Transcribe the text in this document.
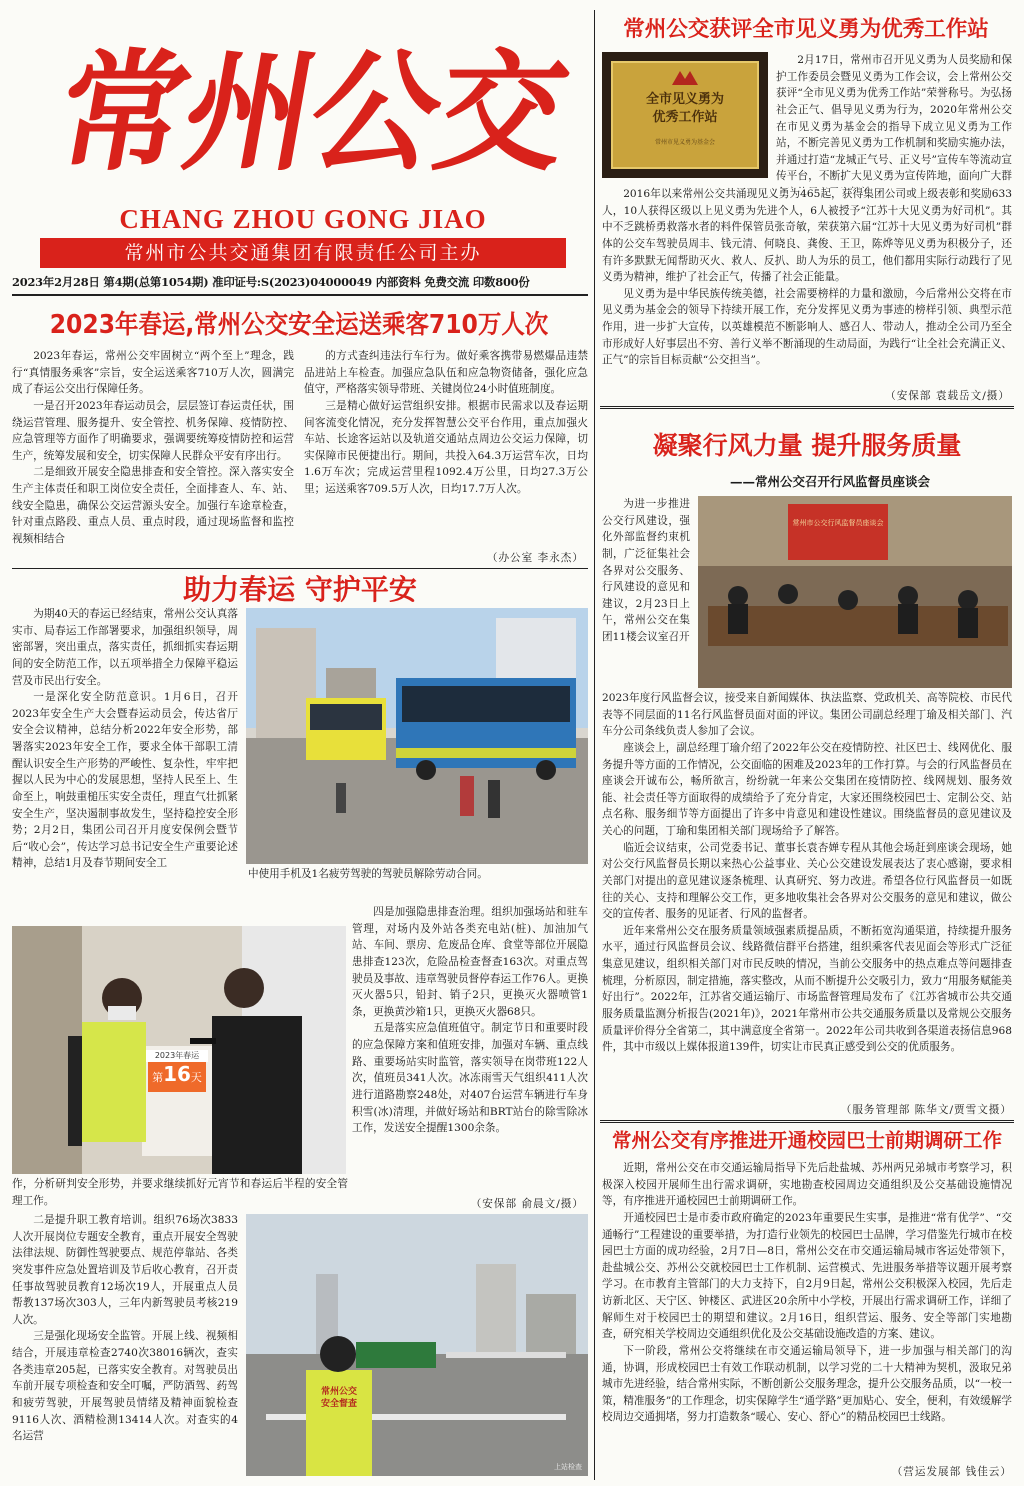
常州公交
CHANG ZHOU GONG JIAO
常州市公共交通集团有限责任公司主办
2023年2月28日 第4期(总第1054期) 准印证号:S(2023)04000049 内部资料 免费交流 印数800份
2023年春运,常州公交安全运送乘客710万人次

2023年春运，常州公交牢固树立“两个至上”理念，践行“真情服务乘客”宗旨，安全运送乘客710万人次，圆满完成了春运公交出行保障任务。

一是召开2023年春运动员会，层层签订春运责任状，围绕运营管理、服务提升、安全管控、机务保障、疫情防控、应急管理等方面作了明确要求，强调要统筹疫情防控和运营生产，统筹发展和安全，切实保障人民群众平安有序出行。

二是细致开展安全隐患排查和安全管控。深入落实安全生产主体责任和职工岗位安全责任，全面排查人、车、站、线安全隐患，确保公交运营源头安全。加强行车途章检查，针对重点路段、重点人员、重点时段，通过现场监督和监控视频相结合

的方式查纠违法行车行为。做好乘客携带易燃爆品违禁品进站上车检查。加强应急队伍和应急物资储备，强化应急值守，严格落实领导带班、关键岗位24小时值班制度。

三是精心做好运营组织安排。根据市民需求以及春运期间客流变化情况，充分发挥智慧公交平台作用，重点加强火车站、长途客运站以及轨道交通站点周边公交运力保障，切实保障市民便捷出行。期间，共投入64.3万运营车次，日均1.6万车次；完成运营里程1092.4万公里，日均27.3万公里；运送乘客709.5万人次，日均17.7万人次。

（办公室 李永杰）
助力春运 守护平安

为期40天的春运已经结束，常州公交认真落实市、局春运工作部署要求，加强组织领导，周密部署，突出重点，落实责任，抓细抓实春运期间的安全防范工作，以五项举措全力保障平稳运营及市民出行安全。

一是深化安全防范意识。1月6日，召开2023年安全生产大会暨春运动员会，传达省厅安全会议精神，总结分析2022年安全形势，部署落实2023年安全工作，要求全体干部职工清醒认识安全生产形势的严峻性、复杂性，牢牢把握以人民为中心的发展思想，坚持人民至上、生命至上，响鼓重槌压实安全责任，理直气壮抓紧安全生产，坚决遏制事故发生，坚持稳控安全形势；2月2日，集团公司召开月度安保例会暨节后“收心会”，传达学习总书记安全生产重要论述精神，总结1月及春节期间安全工

中使用手机及1名疲劳驾驶的驾驶员解除劳动合同。

2023年春运
第16天

四是加强隐患排查治理。组织加强场站和驻车管理，对场内及外站各类充电站(桩)、加油加气站、车间、票房、危废品仓库、食堂等部位开展隐患排查123次，危险品检查督查163次。对重点驾驶员及事故、违章驾驶员督停春运工作76人。更换灭火器5只，铅封、销子2只，更换灭火器喷管1条，更换黄沙箱1只，更换灭火器68只。

五是落实应急值班值守。制定节日和重要时段的应急保障方案和值班安排，加强对车辆、重点线路、重要场站实时监管，落实领导在岗带班122人次，值班员341人次。冰冻雨雪天气组织411人次进行道路勘察248处，对407台运营车辆进行车身积雪(冰)清理，并做好场站和BRT站台的除雪除冰工作，发送安全提醒1300余条。

作，分析研判安全形势，并要求继续抓好元宵节和春运后半程的安全管理工作。	（安保部 俞晨文/摄）

二是提升职工教育培训。组织76场次3833人次开展岗位专题安全教育，重点开展安全驾驶法律法规、防御性驾驶要点、规范停靠站、各类突发事件应急处置培训及节后收心教育，召开责任事故驾驶员教育12场次19人，开展重点人员帮教137场次303人，三年内新驾驶员考核219人次。

三是强化现场安全监管。开展上线、视频相结合，开展违章检查2740次38016辆次，查实各类违章205起，已落实安全教育。对驾驶员出车前开展专项检查和安全叮嘱，严防酒驾、药驾和疲劳驾驶，开展驾驶员情绪及精神面貌检查9116人次、酒精检测13414人次。对查实的4名运营

常州公交
安全督查
上站检查
常州公交获评全市见义勇为优秀工作站
全市见义勇为
优秀工作站
常州市见义勇为基金会

2月17日，常州市召开见义勇为人员奖励和保护工作委员会暨见义勇为工作会议，会上常州公交获评“全市见义勇为优秀工作站”荣誉称号。为弘扬社会正气、倡导见义勇为行为，2020年常州公交在市见义勇为基金会的指导下成立见义勇为工作站，不断完善见义勇为工作机制和奖励实施办法，并通过打造“龙城正气号、正义号”宣传车等流动宣传平台，不断扩大见义勇为宣传阵地，面向广大群

2016年以来常州公交共涌现见义勇为465起，获得集团公司或上级表彰和奖励633人，10人获得区级以上见义勇为先进个人，6人被授予“江苏十大见义勇为好司机”。其中不乏跳桥勇救落水者的料件保管员张奇敏，荣获第六届“江苏十大见义勇为好司机”群体的公交车驾驶员周丰、钱元清、何晓良、龚俊、王卫，陈烨等见义勇为积极分子，还有许多默默无闻帮助灭火、救人、反扒、助人为乐的员工，他们都用实际行动践行了见义勇为精神，维护了社会正气，传播了社会正能量。

见义勇为是中华民族传统美德，社会需要榜样的力量和激励，今后常州公交将在市见义勇为基金会的领导下持续开展工作，充分发挥见义勇为事迹的榜样引领、典型示范作用，进一步扩大宣传，以英雄模范不断影响人、感召人、带动人，推动全公司乃至全市形成好人好事层出不穷、善行义举不断涌现的生动局面，为践行“让全社会充满正义、正气”的宗旨目标贡献“公交担当”。

（安保部 袁载岳文/摄）
凝聚行风力量 提升服务质量
——常州公交召开行风监督员座谈会

为进一步推进公交行风建设，强化外部监督约束机制，广泛征集社会各界对公交服务、行风建设的意见和建议，2月23日上午，常州公交在集团11楼会议室召开

常州市公交行风监督员座谈会

2023年度行风监督会议，接受来自新闻媒体、执法监察、党政机关、高等院校、市民代表等不同层面的11名行风监督员面对面的评议。集团公司副总经理丁瑜及相关部门、汽车分公司条线负责人参加了会议。

座谈会上，副总经理丁瑜介绍了2022年公交在疫情防控、社区巴士、线网优化、服务提升等方面的工作情况，公交面临的困难及2023年的工作打算。与会的行风监督员在座谈会开诚布公，畅所欲言，纷纷就一年来公交集团在疫情防控、线网规划、服务效能、社会责任等方面取得的成绩给予了充分肯定，大家还围绕校园巴士、定制公交、站点名称、服务细节等方面提出了许多中肯意见和建设性建议。围绕监督员的意见建议及关心的问题，丁瑜和集团相关部门现场给予了解答。

临近会议结束，公司党委书记、董事长袁杏婵专程从其他会场赶到座谈会现场，她对公交行风监督员长期以来热心公益事业、关心公交建设发展表达了衷心感谢，要求相关部门对提出的意见建议逐条梳理、认真研究、努力改进。希望各位行风监督员一如既往的关心、支持和理解公交工作，更多地收集社会各界对公交服务的意见和建议，做公交的宣传者、服务的见证者、行风的监督者。

近年来常州公交在服务质量领域强素质提品质，不断拓宽沟通渠道，持续提升服务水平，通过行风监督员会议、线路微信群平台搭建，组织乘客代表见面会等形式广泛征集意见建议，组织相关部门对市民反映的情况，当前公交服务中的热点难点等问题排查梳理，分析原因，制定措施，落实整改，从而不断提升公交吸引力，致力“用服务赋能美好出行”。2022年，江苏省交通运输厅、市场监督管理局发布了《江苏省城市公共交通服务质量监测分析报告(2021年)》，2021年常州市公共交通服务质量以及常规公交服务质量评价得分全省第二，其中满意度全省第一。2022年公司共收到各渠道表扬信息968件，其中市级以上媒体报道139件，切实让市民真正感受到公交的优质服务。

（服务管理部 陈华文/贾雪文摄）
常州公交有序推进开通校园巴士前期调研工作

近期，常州公交在市交通运输局指导下先后赴盐城、苏州两兄弟城市考察学习，积极深入校园开展师生出行需求调研，实地勘查校园周边交通组织及公交基础设施情况等，有序推进开通校园巴士前期调研工作。

开通校园巴士是市委市政府确定的2023年重要民生实事，是推进“常有优学”、“交通畅行”工程建设的重要举措，为打造行业领先的校园巴士品牌，学习借鉴先行城市在校园巴士方面的成功经验，2月7日—8日，常州公交在市交通运输局城市客运处带领下，赴盐城公交、苏州公交就校园巴士工作机制、运营模式、先进服务举措等议题开展考察学习。在市教育主管部门的大力支持下，自2月9日起，常州公交积极深入校园，先后走访新北区、天宁区、钟楼区、武进区20余所中小学校，开展出行需求调研工作，详细了解师生对于校园巴士的期望和建议。2月16日，组织营运、服务、安全等部门实地勘查，研究相关学校周边交通组织优化及公交基础设施改造的方案、建议。

下一阶段，常州公交将继续在市交通运输局领导下，进一步加强与相关部门的沟通，协调，形成校园巴士有效工作联动机制，以学习党的二十大精神为契机，汲取兄弟城市先进经验，结合常州实际，不断创新公交服务理念，提升公交服务品质，以“一校一策，精准服务”的工作理念，切实保障学生“通学路”更加贴心、安全，便利，有效缓解学校周边交通拥堵，努力打造数条“暖心、安心、舒心”的精品校园巴士线路。

（营运发展部 钱佳云）
